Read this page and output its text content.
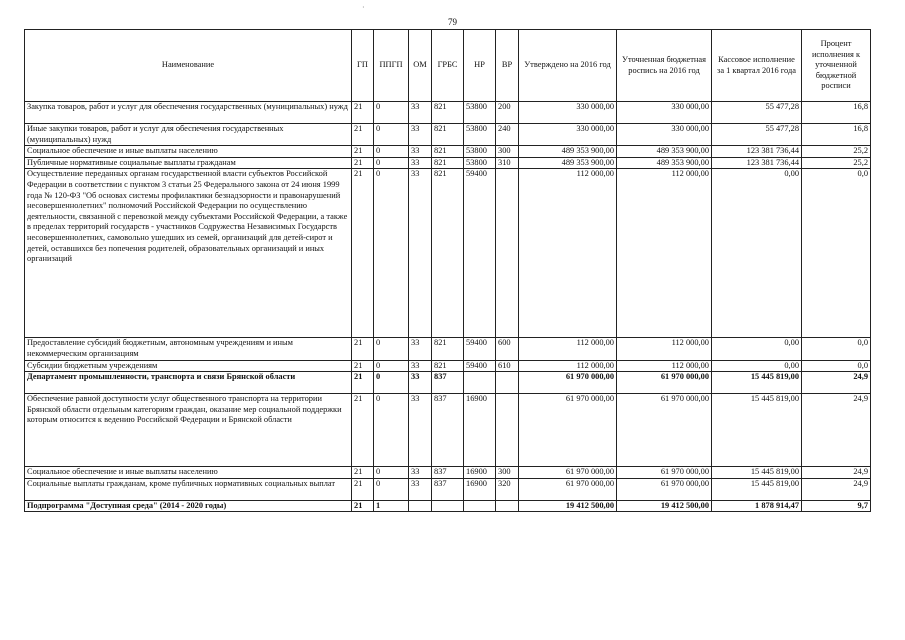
·
79
Наименование	ГП	ППГП	ОМ	ГРБС	НР	ВР	Утверждено на 2016 год	Уточненная бюджетная роспись на 2016 год	Кассовое исполнение за 1 квартал 2016 года	Процент исполнения к уточненной бюджетной росписи
Закупка товаров, работ и услуг для обеспечения государственных (муниципальных) нужд	21	0	33	821	53800	200	330 000,00	330 000,00	55 477,28	16,8
Иные закупки товаров, работ и услуг для обеспечения государственных (муниципальных) нужд	21	0	33	821	53800	240	330 000,00	330 000,00	55 477,28	16,8
Социальное обеспечение и иные выплаты населению	21	0	33	821	53800	300	489 353 900,00	489 353 900,00	123 381 736,44	25,2
Публичные нормативные социальные выплаты гражданам	21	0	33	821	53800	310	489 353 900,00	489 353 900,00	123 381 736,44	25,2
Осуществление переданных органам государственной власти субъектов Российской Федерации в соответствии с пунктом 3 статьи 25 Федерального закона от 24 июня 1999 года № 120-ФЗ "Об основах системы профилактики безнадзорности и правонарушений несовершеннолетних" полномочий Российской Федерации по осуществлению деятельности, связанной с перевозкой между субъектами Российской Федерации, а также в пределах территорий государств - участников Содружества Независимых Государств несовершеннолетних, самовольно ушедших из семей, организаций для детей-сирот и детей, оставшихся без попечения родителей, образовательных организаций и иных организаций	21	0	33	821	59400		112 000,00	112 000,00	0,00	0,0
Предоставление субсидий бюджетным, автономным учреждениям и иным некоммерческим организациям	21	0	33	821	59400	600	112 000,00	112 000,00	0,00	0,0
Субсидии бюджетным учреждениям	21	0	33	821	59400	610	112 000,00	112 000,00	0,00	0,0
Департамент промышленности, транспорта и связи Брянской области	21	0	33	837			61 970 000,00	61 970 000,00	15 445 819,00	24,9
Обеспечение равной доступности услуг общественного транспорта на территории Брянской области отдельным категориям граждан, оказание мер социальной поддержки которым относится к ведению Российской Федерации и Брянской области	21	0	33	837	16900		61 970 000,00	61 970 000,00	15 445 819,00	24,9
Социальное обеспечение и иные выплаты населению	21	0	33	837	16900	300	61 970 000,00	61 970 000,00	15 445 819,00	24,9
Социальные выплаты гражданам, кроме публичных нормативных социальных выплат	21	0	33	837	16900	320	61 970 000,00	61 970 000,00	15 445 819,00	24,9
Подпрограмма "Доступная среда" (2014 - 2020 годы)	21	1					19 412 500,00	19 412 500,00	1 878 914,47	9,7
